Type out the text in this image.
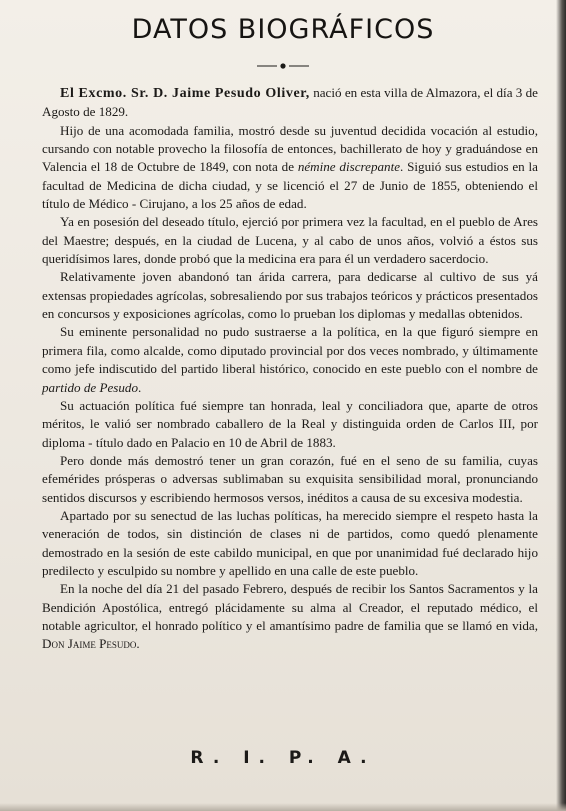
DATOS BIOGRÁFICOS

El Excmo. Sr. D. Jaime Pesudo Oliver, nació en esta villa de Almazora, el día 3 de Agosto de 1829.

Hijo de una acomodada familia, mostró desde su juventud decidida vocación al estudio, cursando con notable provecho la filosofía de entonces, bachillerato de hoy y graduándose en Valencia el 18 de Octubre de 1849, con nota de némine discrepante. Siguió sus estudios en la facultad de Medicina de dicha ciudad, y se licenció el 27 de Junio de 1855, obteniendo el título de Médico - Cirujano, a los 25 años de edad.

Ya en posesión del deseado título, ejerció por primera vez la facultad, en el pueblo de Ares del Maestre; después, en la ciudad de Lucena, y al cabo de unos años, volvió a éstos sus queridísimos lares, donde probó que la medicina era para él un verdadero sacerdocio.

Relativamente joven abandonó tan árida carrera, para dedicarse al cultivo de sus yá extensas propiedades agrícolas, sobresaliendo por sus trabajos teóricos y prácticos presentados en concursos y exposiciones agrícolas, como lo prueban los diplomas y medallas obtenidos.

Su eminente personalidad no pudo sustraerse a la política, en la que figuró siempre en primera fila, como alcalde, como diputado provincial por dos veces nombrado, y últimamente como jefe indiscutido del partido liberal histórico, conocido en este pueblo con el nombre de partido de Pesudo.

Su actuación política fué siempre tan honrada, leal y conciliadora que, aparte de otros méritos, le valió ser nombrado caballero de la Real y distinguida orden de Carlos III, por diploma - título dado en Palacio en 10 de Abril de 1883.

Pero donde más demostró tener un gran corazón, fué en el seno de su familia, cuyas efemérides prósperas o adversas sublimaban su exquisita sensibilidad moral, pronunciando sentidos discursos y escribiendo hermosos versos, inéditos a causa de su excesiva modestia.

Apartado por su senectud de las luchas políticas, ha merecido siempre el respeto hasta la veneración de todos, sin distinción de clases ni de partidos, como quedó plenamente demostrado en la sesión de este cabildo municipal, en que por unanimidad fué declarado hijo predilecto y esculpido su nombre y apellido en una calle de este pueblo.

En la noche del día 21 del pasado Febrero, después de recibir los Santos Sacramentos y la Bendición Apostólica, entregó plácidamente su alma al Creador, el reputado médico, el notable agricultor, el honrado político y el amantísimo padre de familia que se llamó en vida, Don Jaime Pesudo.

R. I. P. A.
